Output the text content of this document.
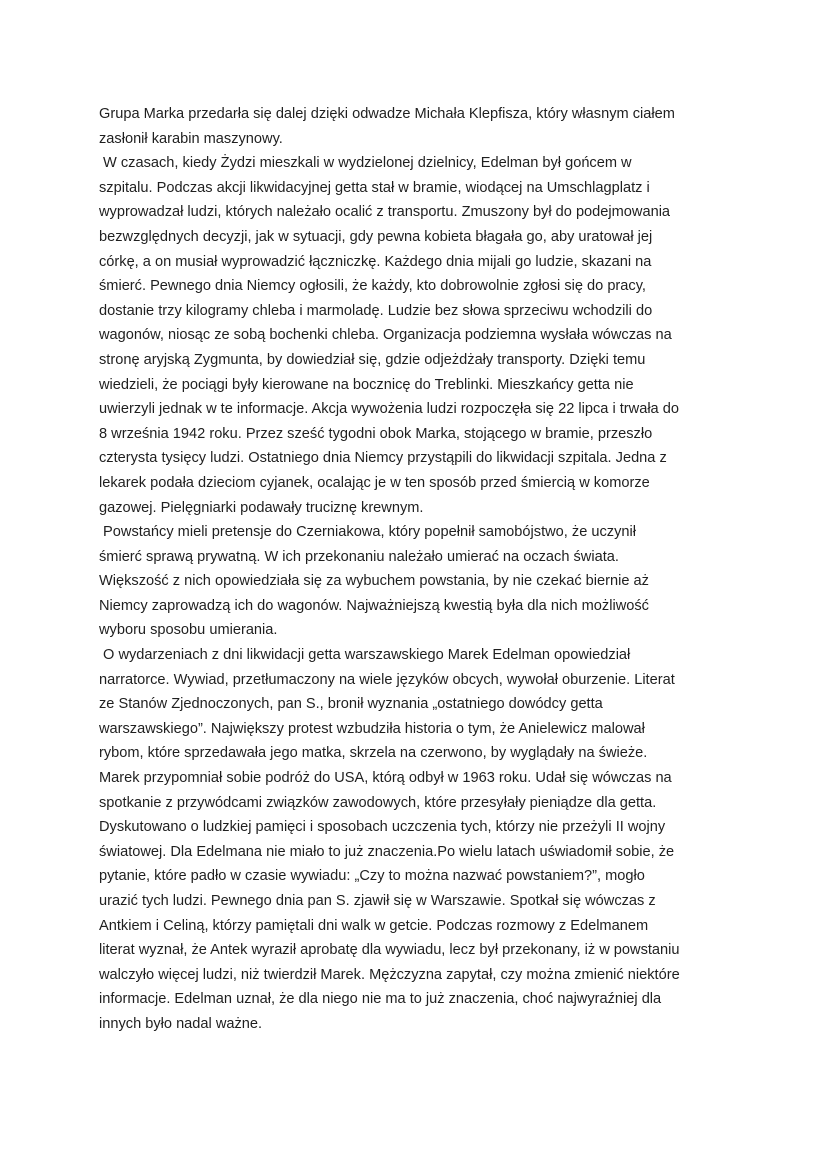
Grupa Marka przedarła się dalej dzięki odwadze Michała Klepfisza, który własnym ciałem
zasłonił karabin maszynowy.
W czasach, kiedy Żydzi mieszkali w wydzielonej dzielnicy, Edelman był gońcem w
szpitalu. Podczas akcji likwidacyjnej getta stał w bramie, wiodącej na Umschlagplatz i
wyprowadzał ludzi, których należało ocalić z transportu. Zmuszony był do podejmowania
bezwzględnych decyzji, jak w sytuacji, gdy pewna kobieta błagała go, aby uratował jej
córkę, a on musiał wyprowadzić łączniczkę. Każdego dnia mijali go ludzie, skazani na
śmierć. Pewnego dnia Niemcy ogłosili, że każdy, kto dobrowolnie zgłosi się do pracy,
dostanie trzy kilogramy chleba i marmoladę. Ludzie bez słowa sprzeciwu wchodzili do
wagonów, niosąc ze sobą bochenki chleba. Organizacja podziemna wysłała wówczas na
stronę aryjską Zygmunta, by dowiedział się, gdzie odjeżdżały transporty. Dzięki temu
wiedzieli, że pociągi były kierowane na bocznicę do Treblinki. Mieszkańcy getta nie
uwierzyli jednak w te informacje. Akcja wywożenia ludzi rozpoczęła się 22 lipca i trwała do
8 września 1942 roku. Przez sześć tygodni obok Marka, stojącego w bramie, przeszło
czterysta tysięcy ludzi. Ostatniego dnia Niemcy przystąpili do likwidacji szpitala. Jedna z
lekarek podała dzieciom cyjanek, ocalając je w ten sposób przed śmiercią w komorze
gazowej. Pielęgniarki podawały truciznę krewnym.
Powstańcy mieli pretensje do Czerniakowa, który popełnił samobójstwo, że uczynił
śmierć sprawą prywatną. W ich przekonaniu należało umierać na oczach świata.
Większość z nich opowiedziała się za wybuchem powstania, by nie czekać biernie aż
Niemcy zaprowadzą ich do wagonów. Najważniejszą kwestią była dla nich możliwość
wyboru sposobu umierania.
O wydarzeniach z dni likwidacji getta warszawskiego Marek Edelman opowiedział
narratorce. Wywiad, przetłumaczony na wiele języków obcych, wywołał oburzenie. Literat
ze Stanów Zjednoczonych, pan S., bronił wyznania „ostatniego dowódcy getta
warszawskiego”. Największy protest wzbudziła historia o tym, że Anielewicz malował
rybom, które sprzedawała jego matka, skrzela na czerwono, by wyglądały na świeże.
Marek przypomniał sobie podróż do USA, którą odbył w 1963 roku. Udał się wówczas na
spotkanie z przywódcami związków zawodowych, które przesyłały pieniądze dla getta.
Dyskutowano o ludzkiej pamięci i sposobach uczczenia tych, którzy nie przeżyli II wojny
światowej. Dla Edelmana nie miało to już znaczenia.Po wielu latach uświadomił sobie, że
pytanie, które padło w czasie wywiadu: „Czy to można nazwać powstaniem?”, mogło
urazić tych ludzi. Pewnego dnia pan S. zjawił się w Warszawie. Spotkał się wówczas z
Antkiem i Celiną, którzy pamiętali dni walk w getcie. Podczas rozmowy z Edelmanem
literat wyznał, że Antek wyraził aprobatę dla wywiadu, lecz był przekonany, iż w powstaniu
walczyło więcej ludzi, niż twierdził Marek. Mężczyzna zapytał, czy można zmienić niektóre
informacje. Edelman uznał, że dla niego nie ma to już znaczenia, choć najwyraźniej dla
innych było nadal ważne.
